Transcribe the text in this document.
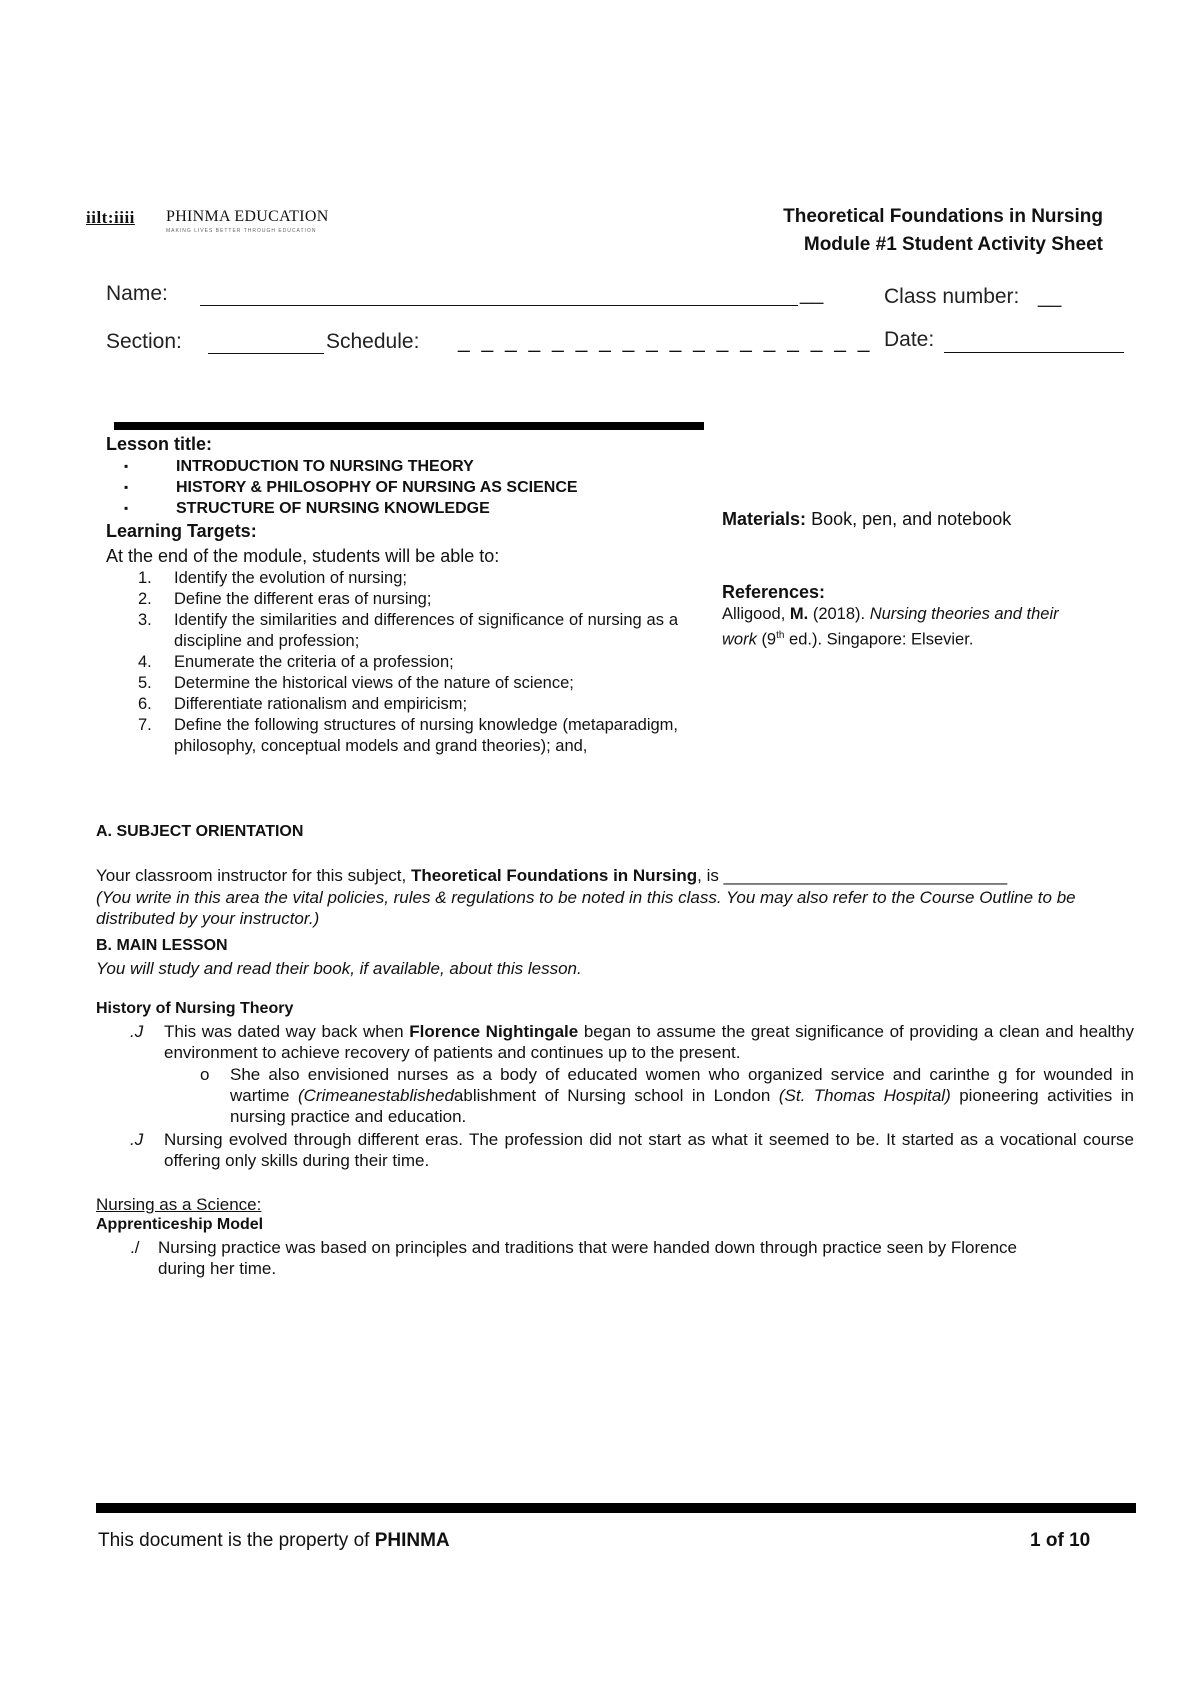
iilt:iiii PHINMA EDUCATION
MAKING LIVES BETTER THROUGH EDUCATION
Theoretical Foundations in Nursing
Module #1 Student Activity Sheet
Name:	__	Class number: __
Section:	Schedule: _ _ _ _ _ _ _ _ _ _ _ _ _ _ _ _ _ _ Date:
Lesson title:
▪ INTRODUCTION TO NURSING THEORY
▪ HISTORY & PHILOSOPHY OF NURSING AS SCIENCE
▪ STRUCTURE OF NURSING KNOWLEDGE
Learning Targets:
At the end of the module, students will be able to:
1. Identify the evolution of nursing;
2. Define the different eras of nursing;
3. Identify the similarities and differences of significance of nursing as a discipline and profession;
4. Enumerate the criteria of a profession;
5. Determine the historical views of the nature of science;
6. Differentiate rationalism and empiricism;
7. Define the following structures of nursing knowledge (metaparadigm, philosophy, conceptual models and grand theories); and,
Materials: Book, pen, and notebook
References:
Alligood, M. (2018). Nursing theories and their work (9th ed.). Singapore: Elsevier.
A. SUBJECT ORIENTATION
Your classroom instructor for this subject, Theoretical Foundations in Nursing, is ______________________________
(You write in this area the vital policies, rules & regulations to be noted in this class. You may also refer to the Course Outline to be distributed by your instructor.)
B. MAIN LESSON
You will study and read their book, if available, about this lesson.
History of Nursing Theory
.J This was dated way back when Florence Nightingale began to assume the great significance of providing a clean and healthy environment to achieve recovery of patients and continues up to the present.
o She also envisioned nurses as a body of educated women who organized service and carinthe g for wounded in wartime (Crimeanestablishedablishment of Nursing school in London (St. Thomas Hospital) pioneering activities in nursing practice and education.
.J Nursing evolved through different eras. The profession did not start as what it seemed to be. It started as a vocational course offering only skills during their time.
Nursing as a Science:
Apprenticeship Model
./ Nursing practice was based on principles and traditions that were handed down through practice seen by Florence during her time.
This document is the property of PHINMA	1 of 10
